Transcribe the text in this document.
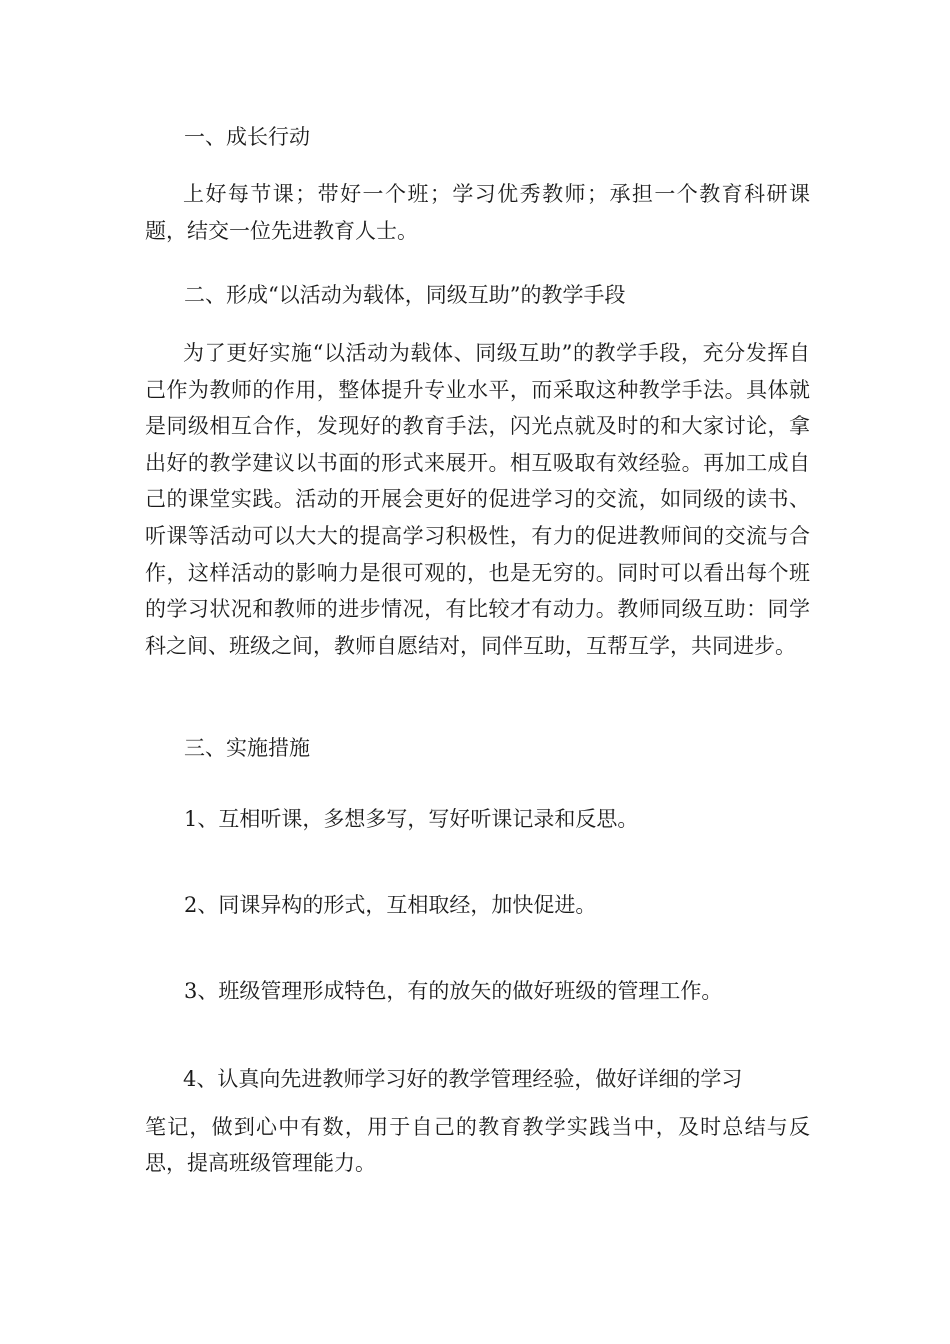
一、成长行动

上好每节课；带好一个班；学习优秀教师；承担一个教育科研课题，结交一位先进教育人士。

二、形成“以活动为载体，同级互助”的教学手段

为了更好实施“以活动为载体、同级互助”的教学手段，充分发挥自己作为教师的作用，整体提升专业水平，而采取这种教学手法。具体就是同级相互合作，发现好的教育手法，闪光点就及时的和大家讨论，拿出好的教学建议以书面的形式来展开。相互吸取有效经验。再加工成自己的课堂实践。活动的开展会更好的促进学习的交流，如同级的读书、听课等活动可以大大的提高学习积极性，有力的促进教师间的交流与合作，这样活动的影响力是很可观的，也是无穷的。同时可以看出每个班的学习状况和教师的进步情况，有比较才有动力。教师同级互助：同学科之间、班级之间，教师自愿结对，同伴互助，互帮互学，共同进步。

三、实施措施

1、互相听课，多想多写，写好听课记录和反思。

2、同课异构的形式，互相取经，加快促进。

3、班级管理形成特色，有的放矢的做好班级的管理工作。

4、认真向先进教师学习好的教学管理经验，做好详细的学习
笔记，做到心中有数，用于自己的教育教学实践当中，及时总结与反思，提高班级管理能力。
